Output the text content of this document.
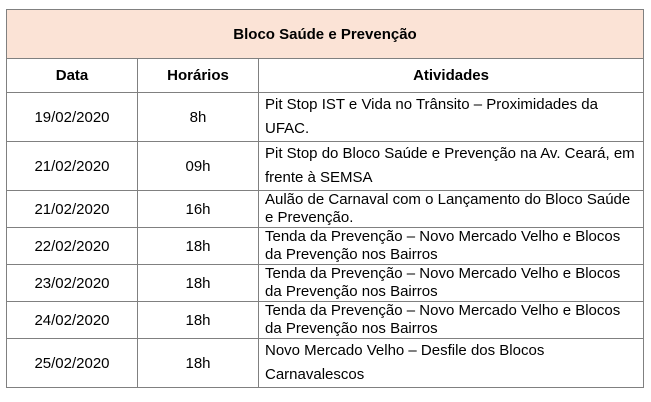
Bloco Saúde e Prevenção		
Data	Horários	Atividades
19/02/2020	8h	Pit Stop IST e Vida no Trânsito – Proximidades da UFAC.
21/02/2020	09h	Pit Stop do Bloco Saúde e Prevenção na Av. Ceará, em frente à SEMSA
21/02/2020	16h	Aulão de Carnaval com o Lançamento do Bloco Saúde e Prevenção.
22/02/2020	18h	Tenda da Prevenção – Novo Mercado Velho e Blocos da Prevenção nos Bairros
23/02/2020	18h	Tenda da Prevenção – Novo Mercado Velho e Blocos da Prevenção nos Bairros
24/02/2020	18h	Tenda da Prevenção – Novo Mercado Velho e Blocos da Prevenção nos Bairros
25/02/2020	18h	Novo Mercado Velho – Desfile dos Blocos Carnavalescos
